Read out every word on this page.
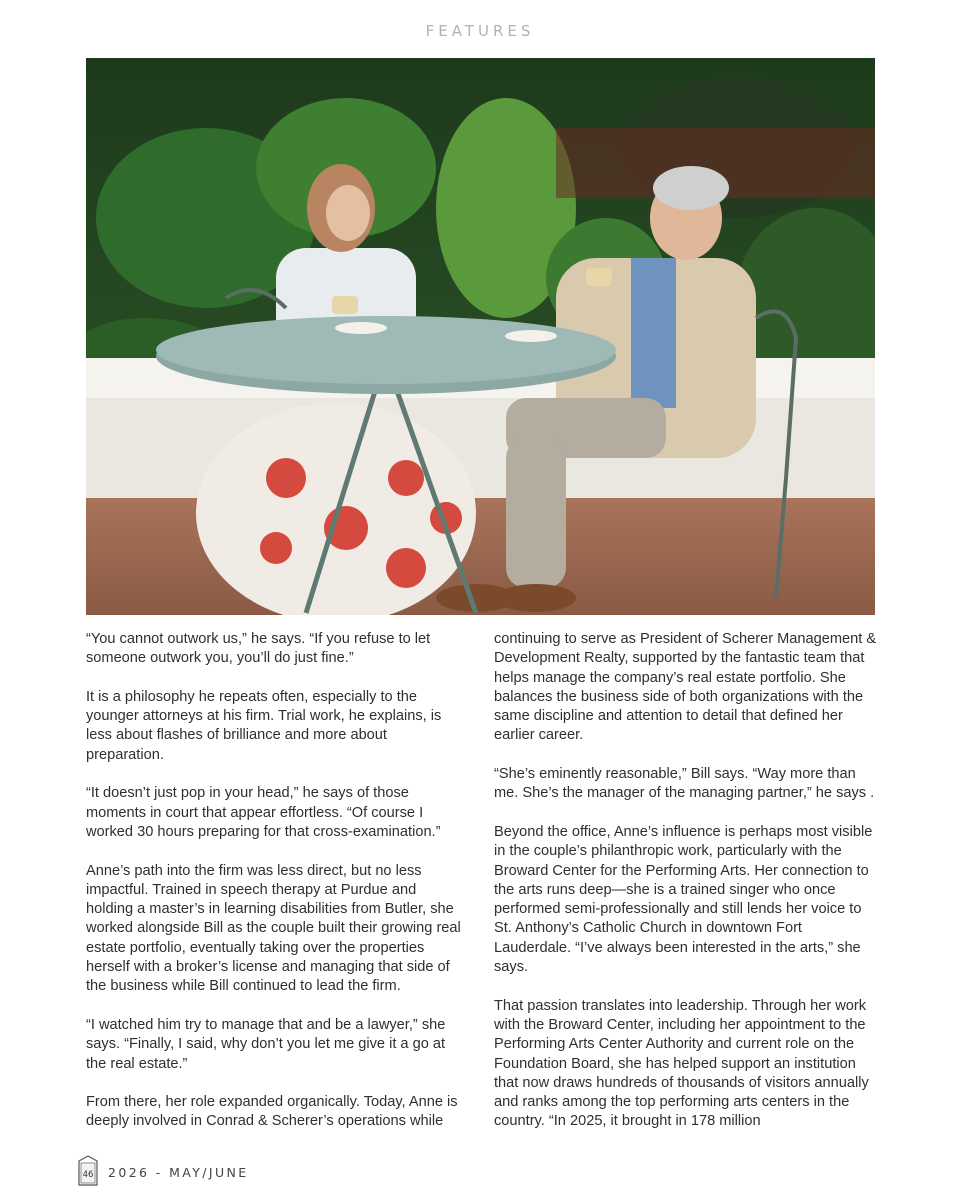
FEATURES

“You cannot outwork us,” he says. “If you refuse to let someone outwork you, you’ll do just fine.”

It is a philosophy he repeats often, especially to the younger attorneys at his firm. Trial work, he explains, is less about flashes of brilliance and more about preparation.

“It doesn’t just pop in your head,” he says of those moments in court that appear effortless. “Of course I worked 30 hours preparing for that cross-examination.”

Anne’s path into the firm was less direct, but no less impactful. Trained in speech therapy at Purdue and holding a master’s in learning disabilities from Butler, she worked alongside Bill as the couple built their growing real estate portfolio, eventually taking over the properties herself with a broker’s license and managing that side of the business while Bill continued to lead the firm.

“I watched him try to manage that and be a lawyer,” she says. “Finally, I said, why don’t you let me give it a go at the real estate.”

From there, her role expanded organically. Today, Anne is deeply involved in Conrad & Scherer’s operations while

continuing to serve as President of Scherer Management & Development Realty, supported by the fantastic team that helps manage the company’s real estate portfolio. She balances the business side of both organizations with the same discipline and attention to detail that defined her earlier career.

“She’s eminently reasonable,” Bill says. “Way more than me. She’s the manager of the managing partner,” he says .

Beyond the office, Anne’s influence is perhaps most visible in the couple’s philanthropic work, particularly with the Broward Center for the Performing Arts. Her connection to the arts runs deep—she is a trained singer who once performed semi-professionally and still lends her voice to St. Anthony’s Catholic Church in downtown Fort Lauderdale. “I’ve always been interested in the arts,” she says.

That passion translates into leadership. Through her work with the Broward Center, including her appointment to the Performing Arts Center Authority and current role on the Foundation Board, she has helped support an institution that now draws hundreds of thousands of visitors annually and ranks among the top performing arts centers in the country. “In 2025, it brought in 178 million

46 2026 - MAY/JUNE
